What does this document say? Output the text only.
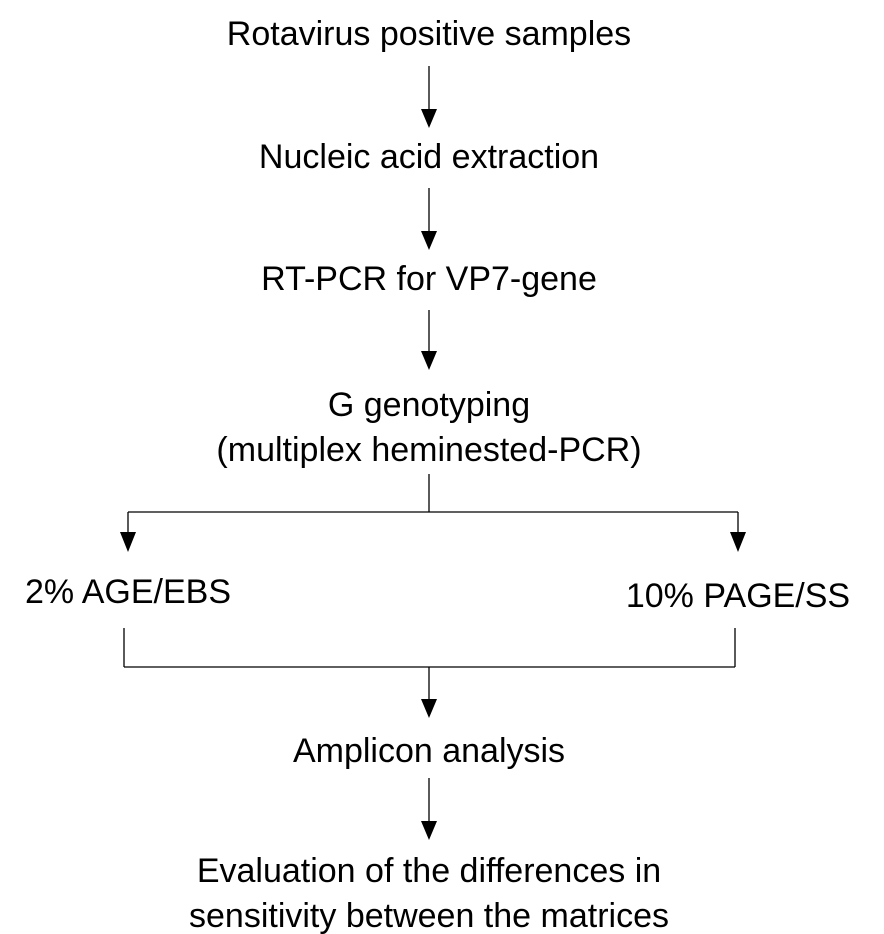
Rotavirus positive samples
Nucleic acid extraction
RT-PCR for VP7-gene
G genotyping
(multiplex heminested-PCR)
2% AGE/EBS	10% PAGE/SS
Amplicon analysis
Evaluation of the differences in
sensitivity between the matrices
